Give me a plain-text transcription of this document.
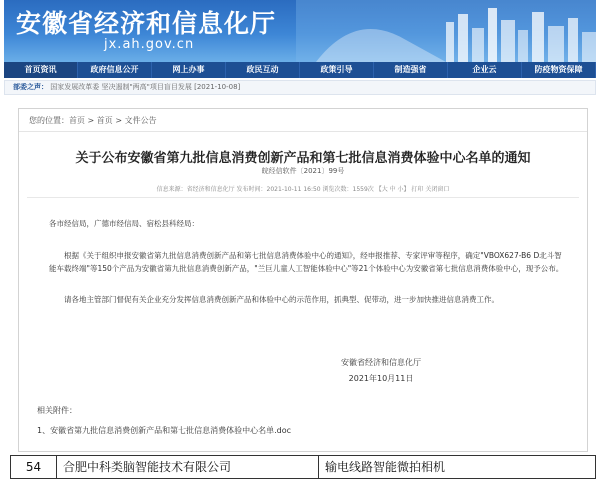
安徽省经济和信息化厅
jx.ah.gov.cn
首页资讯	政府信息公开	网上办事	政民互动	政策引导	制造强省	企业云	防疫物资保障
部委之声： 国家发展改革委 坚决遏制"两高"项目盲目发展 [2021-10-08]
您的位置：首页 > 首页 > 文件公告
关于公布安徽省第九批信息消费创新产品和第七批信息消费体验中心名单的通知
皖经信软件〔2021〕99号
信息来源：省经济和信息化厅 发布时间：2021-10-11 16:50 浏览次数：1559次 【大 中 小】 打印 关闭窗口
各市经信局，广德市经信局、宿松县科经局：
根据《关于组织申报安徽省第九批信息消费创新产品和第七批信息消费体验中心的通知》，经申报推荐、专家评审等程序，确定"VBOX627-B6 D北斗智能车载终端"等150个产品为安徽省第九批信息消费创新产品，"兰巨儿童人工智能体验中心"等21个体验中心为安徽省第七批信息消费体验中心，现予公布。
请各地主管部门督促有关企业充分发挥信息消费创新产品和体验中心的示范作用，抓典型、促带动，进一步加快推进信息消费工作。
安徽省经济和信息化厅
2021年10月11日
相关附件：
1、安徽省第九批信息消费创新产品和第七批信息消费体验中心名单.doc
54	合肥中科类脑智能技术有限公司	输电线路智能微拍相机
